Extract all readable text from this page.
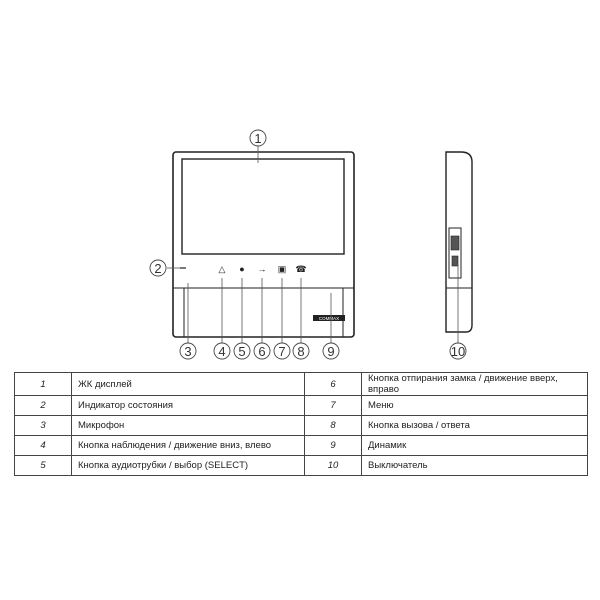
△ ● → ▣ ☎
COMMAX
1
2
3 4 5 6 7 8 9	10
1	ЖК дисплей	6	Кнопка отпирания замка / движение вверх, вправо
2	Индикатор состояния	7	Меню
3	Микрофон	8	Кнопка вызова / ответа
4	Кнопка наблюдения / движение вниз, влево	9	Динамик
5	Кнопка аудиотрубки / выбор (SELECT)	10	Выключатель
